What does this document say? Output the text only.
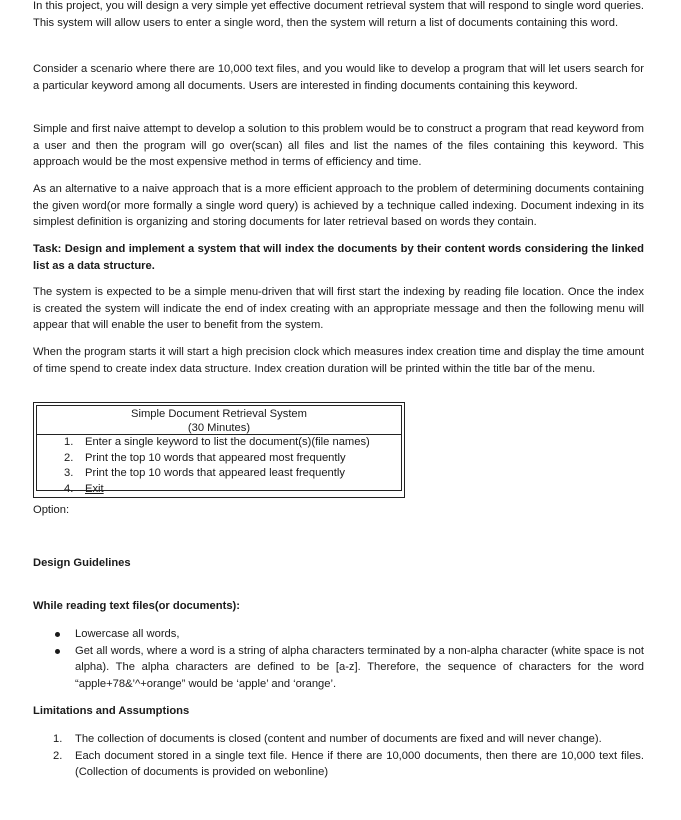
In this project, you will design a very simple yet effective document retrieval system that will respond to single word queries. This system will allow users to enter a single word, then the system will return a list of documents containing this word.

Consider a scenario where there are 10,000 text files, and you would like to develop a program that will let users search for a particular keyword among all documents. Users are interested in finding documents containing this keyword.

Simple and first naive attempt to develop a solution to this problem would be to construct a program that read keyword from a user and then the program will go over(scan) all files and list the names of the files containing this keyword. This approach would be the most expensive method in terms of efficiency and time.

As an alternative to a naive approach that is a more efficient approach to the problem of determining documents containing the given word(or more formally a single word query) is achieved by a technique called indexing. Document indexing in its simplest definition is organizing and storing documents for later retrieval based on words they contain.

Task: Design and implement a system that will index the documents by their content words considering the linked list as a data structure.

The system is expected to be a simple menu-driven that will first start the indexing by reading file location. Once the index is created the system will indicate the end of index creating with an appropriate message and then the following menu will appear that will enable the user to benefit from the system.

When the program starts it will start a high precision clock which measures index creation time and display the time amount of time spend to create index data structure. Index creation duration will be printed within the title bar of the menu.

Simple Document Retrieval System
(30 Minutes)
1.	Enter a single keyword to list the document(s)(file names)
2.	Print the top 10 words that appeared most frequently
3.	Print the top 10 words that appeared least frequently
4.	Exit
Option:
Design Guidelines
While reading text files(or documents):
Lowercase all words,
Get all words, where a word is a string of alpha characters terminated by a non-alpha character (white space is not alpha). The alpha characters are defined to be [a-z]. Therefore, the sequence of characters for the word “apple+78&’^+orange” would be ‘apple’ and ‘orange’.
Limitations and Assumptions
1. The collection of documents is closed (content and number of documents are fixed and will never change).
2. Each document stored in a single text file. Hence if there are 10,000 documents, then there are 10,000 text files. (Collection of documents is provided on webonline)
